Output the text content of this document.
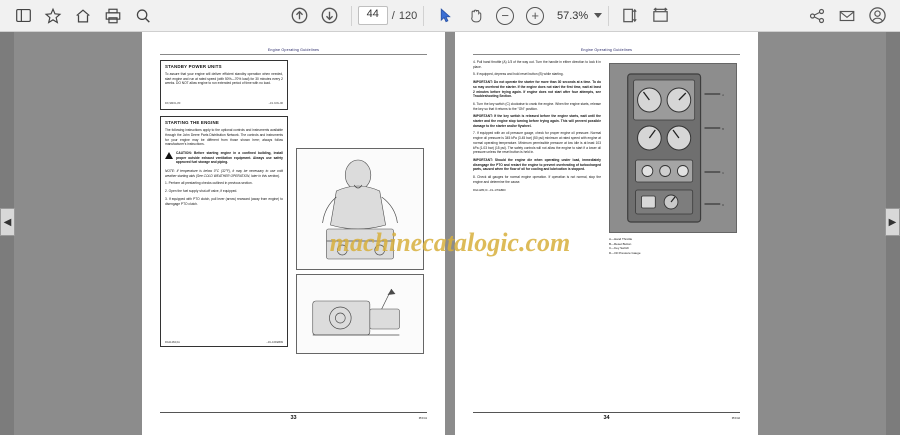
44	/ 120	−	+	57.3%
◀	▶
Engine Operating Guidelines
STANDBY POWER UNITS

To assure that your engine will deliver efficient standby operation when needed, start engine and run at rated speed (with 50%—70% load) for 30 minutes every 2 weeks. DO NOT allow engine to run extended period of time with no load.

DX,SMOL,80	–19 JUN–96
STARTING THE ENGINE

The following instructions apply to the optional controls and instruments available through the John Deere Parts Distribution Network. The controls and instruments for your engine may be different from those shown here; always follow manufacturer's instructions.

CAUTION: Before starting engine in a confined building, install proper outside exhaust ventilation equipment. Always use safety approved fuel storage and piping.

NOTE: If temperature is below 0°C (32°F), it may be necessary to use cold weather starting aids (See COLD WEATHER OPERATION, later in this section).

1. Perform all prestarting checks outlined in previous section.

2. Open the fuel supply shut-off valve, if equipped.

3. If equipped with PTO clutch, pull lever (arrow) rearward (away from engine) to disengage PTO clutch.

RG11284,0A	–19–10FEB99
33	PN=41
Engine Operating Guidelines

4. Pull hand throttle (A) 1/3 of the way out. Turn the handle in either direction to lock it in place.

5. If equipped, depress and hold reset button (B) while starting.

IMPORTANT: Do not operate the starter for more than 30 seconds at a time. To do so may overheat the starter. If the engine does not start the first time, wait at least 2 minutes before trying again. If engine does not start after four attempts, see Troubleshooting Section.

6. Turn the key switch (C) clockwise to crank the engine. When the engine starts, release the key so that it returns to the "ON" position.

IMPORTANT: If the key switch is released before the engine starts, wait until the starter and the engine stop turning before trying again. This will prevent possible damage to the starter and/or flywheel.

7. If equipped with an oil pressure gauge, check for proper engine oil pressure. Normal engine oil pressure is 345 kPa (3.45 bar) (50 psi) minimum at rated speed with engine at normal operating temperature. Minimum permissible pressure at low idle is at least 103 kPa (1.03 bar) (15 psi). The safety controls will not allow the engine to start if a lower oil pressure unless the reset button is held in.

IMPORTANT: Should the engine die when operating under load, immediately disengage the PTO and restart the engine to prevent overheating of turbocharged parts, caused when the flow of oil for cooling and lubrication is stopped.

8. Check all gauges for normal engine operation. If operation is not normal, stop the engine and determine the cause.

RG11280,IC –19–17FEB00
A
B
C
D
A—Hand Throttle
B—Reset Button
C—Key Switch
D—Oil Pressure Gauge
34	PN=42
machinecatalogic.com
